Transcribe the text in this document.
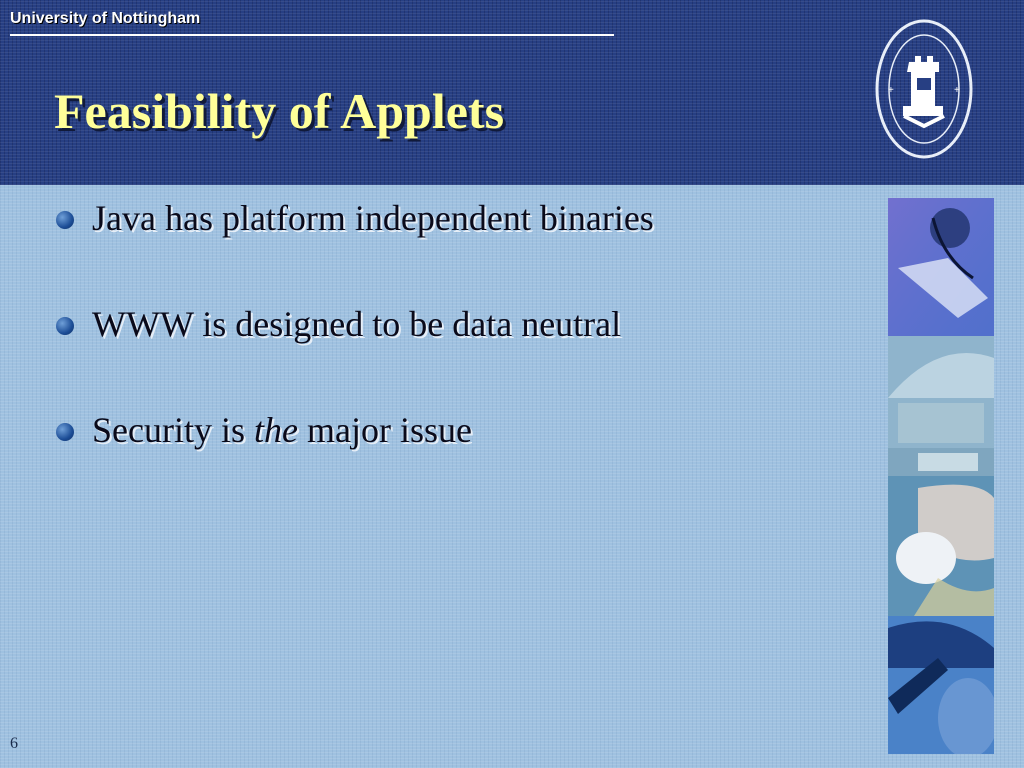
University of Nottingham
Feasibility of Applets	+	+
Java has platform independent binaries
WWW is designed to be data neutral
Security is the major issue
6
